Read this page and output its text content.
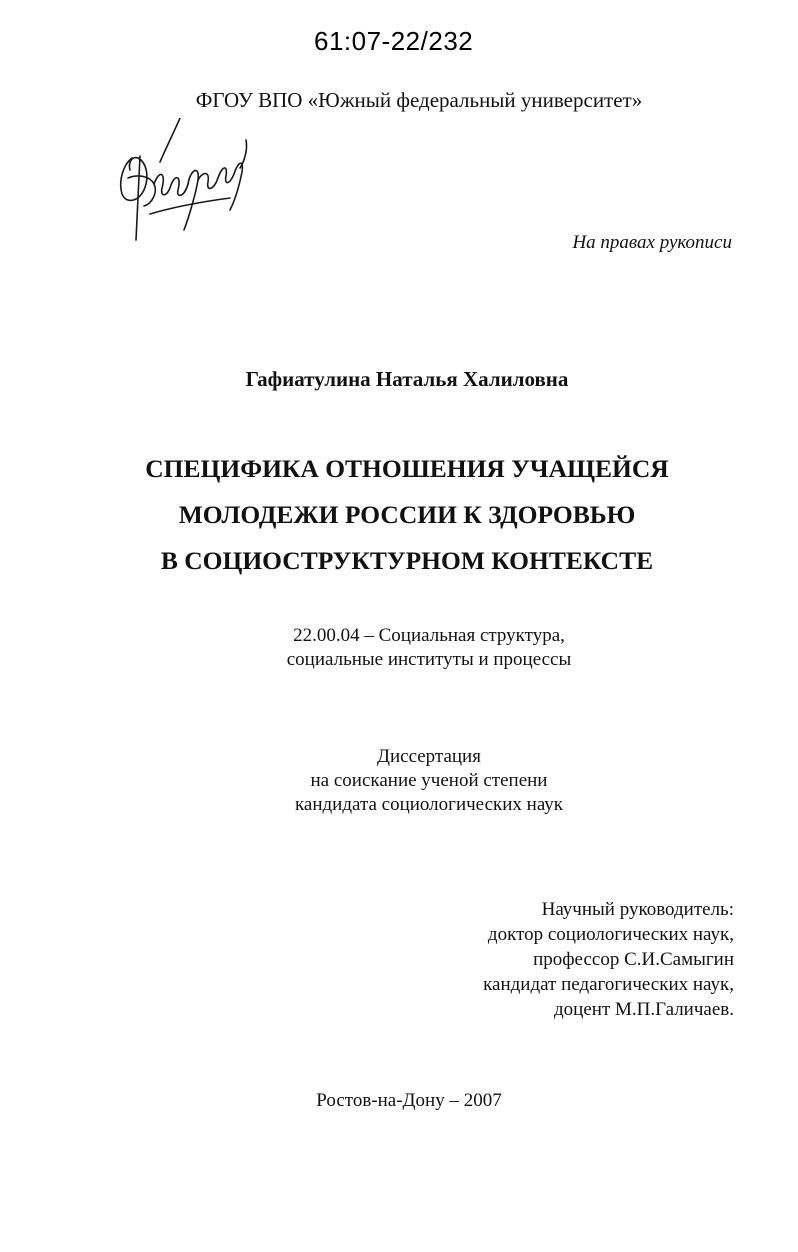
61:07-22/232
ФГОУ ВПО «Южный федеральный университет»
На правах рукописи
Гафиатулина Наталья Халиловна
СПЕЦИФИКА ОТНОШЕНИЯ УЧАЩЕЙСЯ
МОЛОДЕЖИ РОССИИ К ЗДОРОВЬЮ
В СОЦИОСТРУКТУРНОМ КОНТЕКСТЕ
22.00.04 – Социальная структура,
социальные институты и процессы
Диссертация
на соискание ученой степени
кандидата социологических наук
Научный руководитель:
доктор социологических наук,
профессор С.И.Самыгин
кандидат педагогических наук,
доцент М.П.Галичаев.
Ростов-на-Дону – 2007
